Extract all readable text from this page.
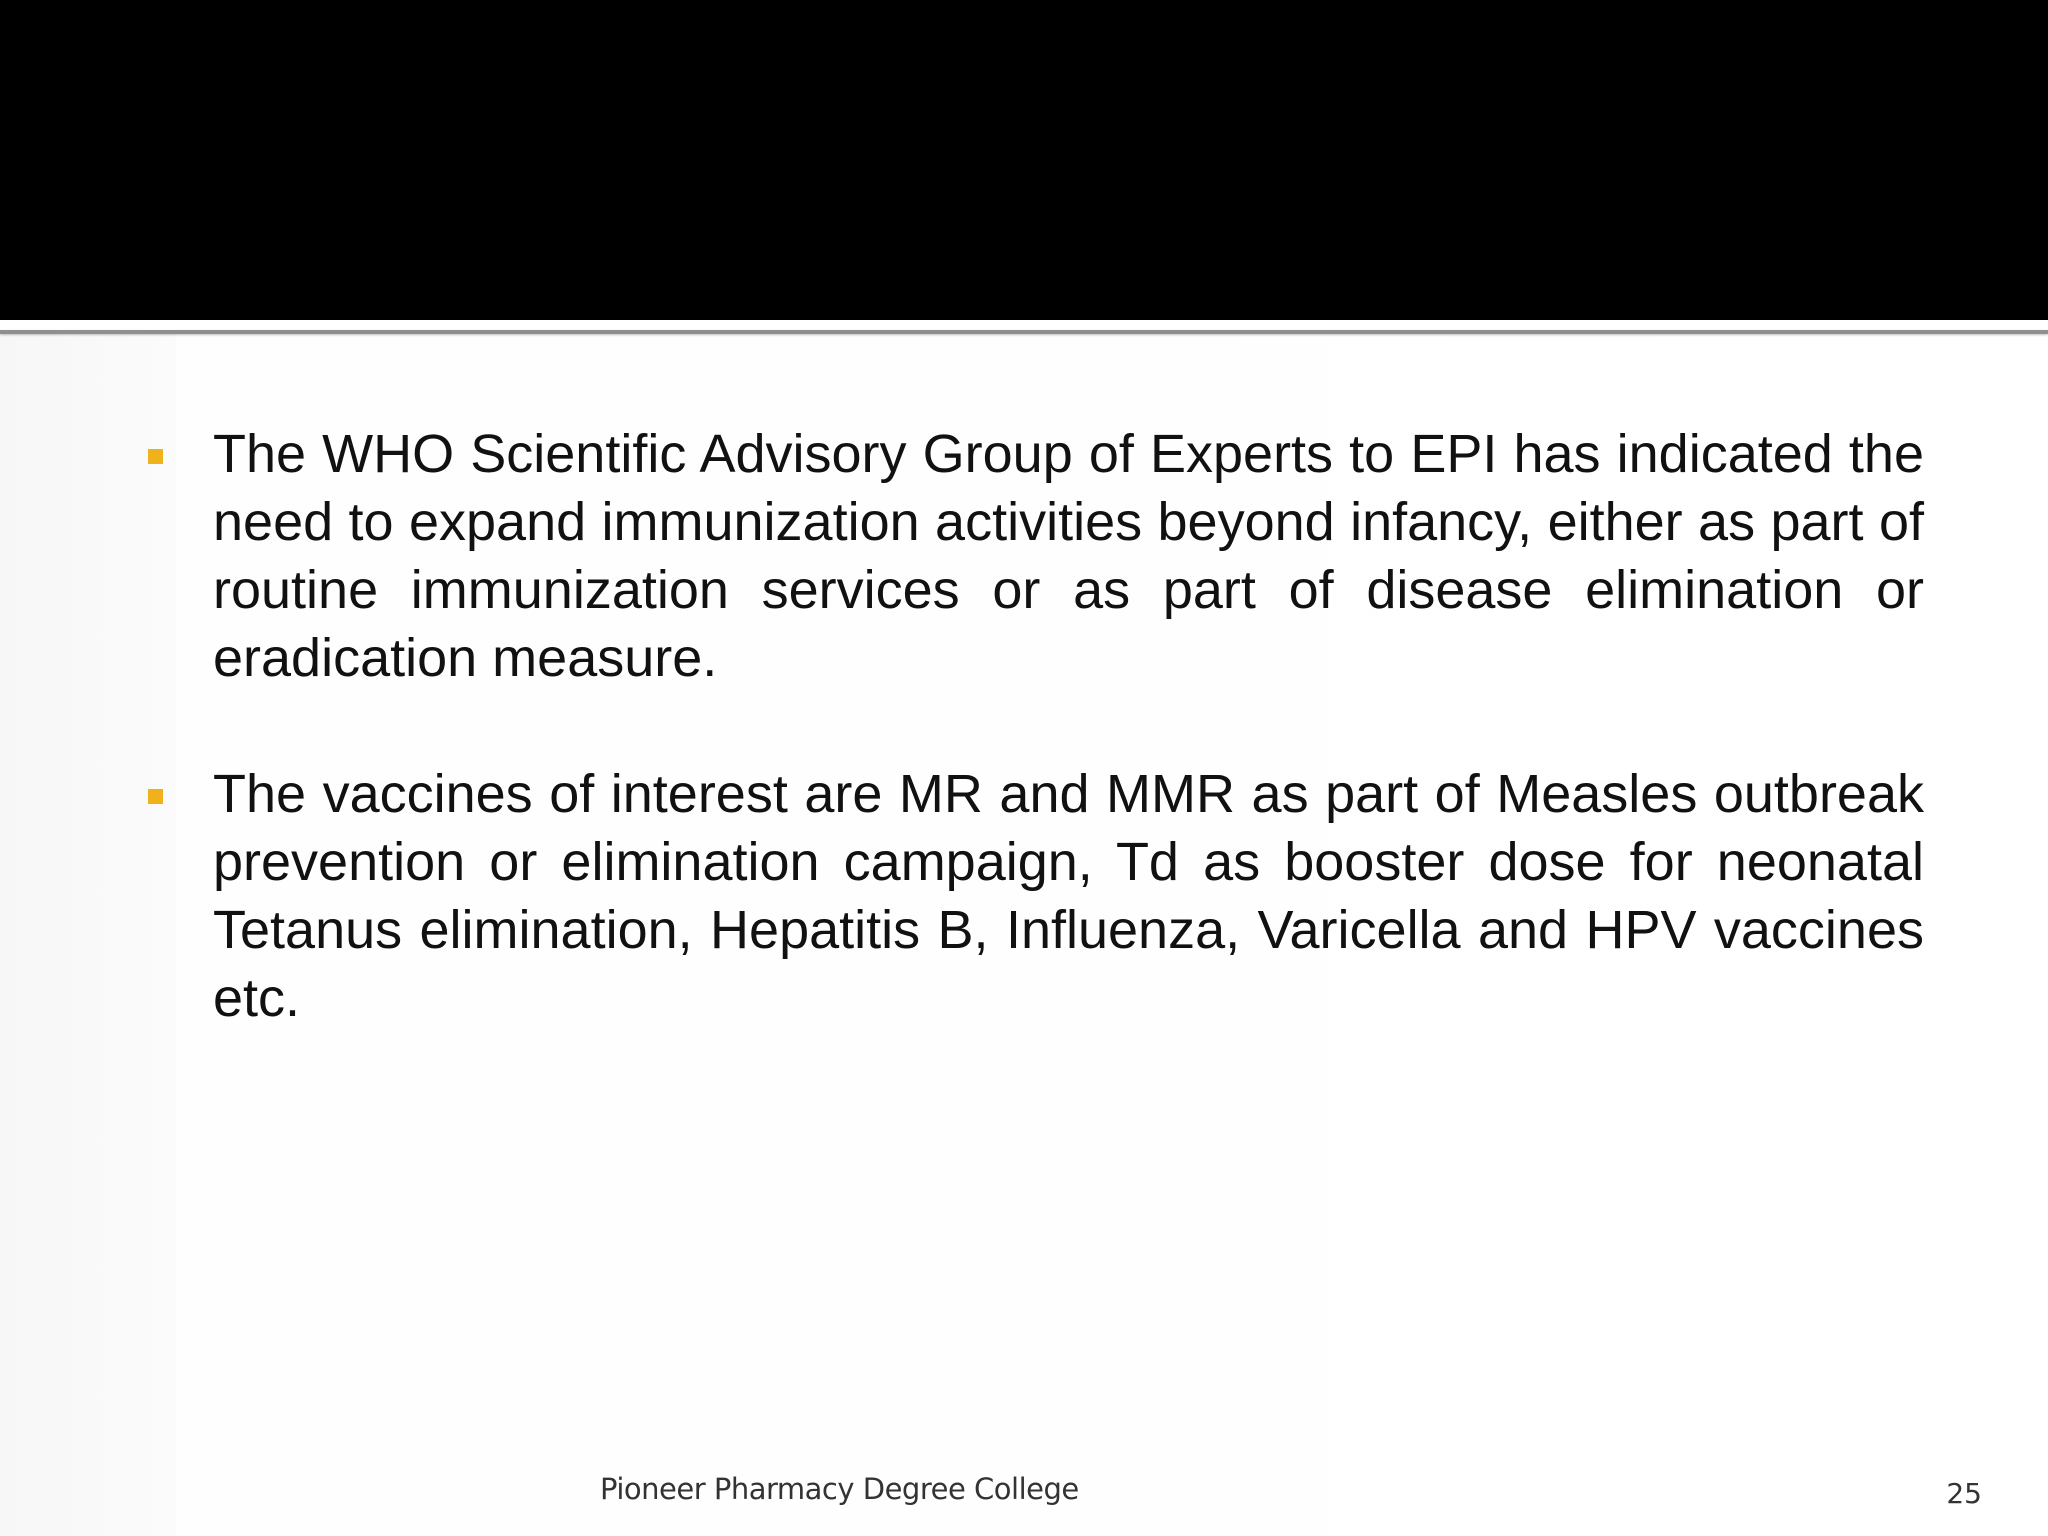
The WHO Scientific Advisory Group of Experts to EPI has indicated the need to expand immunization activities beyond infancy, either as part of routine immunization services or as part of disease elimination or eradication measure.
The vaccines of interest are MR and MMR as part of Measles outbreak prevention or elimination campaign, Td as booster dose for neonatal Tetanus elimination, Hepatitis B, Influenza, Varicella and HPV vaccines etc.
Pioneer Pharmacy Degree College	25
